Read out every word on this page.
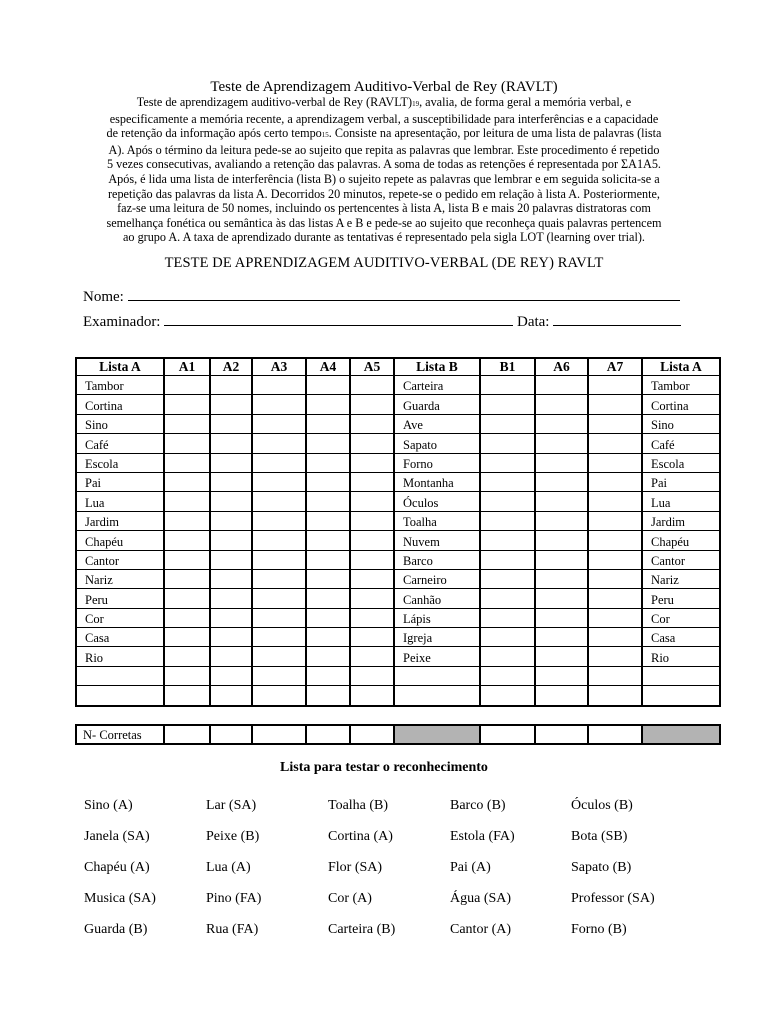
Teste de Aprendizagem Auditivo-Verbal de Rey (RAVLT)
Teste de aprendizagem auditivo-verbal de Rey (RAVLT)19, avalia, de forma geral a memória verbal, e
especificamente a memória recente, a aprendizagem verbal, a susceptibilidade para interferências e a capacidade
de retenção da informação após certo tempo15. Consiste na apresentação, por leitura de uma lista de palavras (lista
A). Após o término da leitura pede-se ao sujeito que repita as palavras que lembrar. Este procedimento é repetido
5 vezes consecutivas, avaliando a retenção das palavras. A soma de todas as retenções é representada por ΣA1A5.
Após, é lida uma lista de interferência (lista B) o sujeito repete as palavras que lembrar e em seguida solicita-se a
repetição das palavras da lista A. Decorridos 20 minutos, repete-se o pedido em relação à lista A. Posteriormente,
faz-se uma leitura de 50 nomes, incluindo os pertencentes à lista A, lista B e mais 20 palavras distratoras com
semelhança fonética ou semântica às das listas A e B e pede-se ao sujeito que reconheça quais palavras pertencem
ao grupo A. A taxa de aprendizado durante as tentativas é representado pela sigla LOT (learning over trial).
TESTE DE APRENDIZAGEM AUDITIVO-VERBAL (DE REY) RAVLT
Nome:
Examinador:	Data:
Lista A	A1	A2	A3	A4	A5	Lista B	B1	A6	A7	Lista A
Tambor						Carteira				Tambor
Cortina						Guarda				Cortina
Sino						Ave				Sino
Café						Sapato				Café
Escola						Forno				Escola
Pai						Montanha				Pai
Lua						Óculos				Lua
Jardim						Toalha				Jardim
Chapéu						Nuvem				Chapéu
Cantor						Barco				Cantor
Nariz						Carneiro				Nariz
Peru						Canhão				Peru
Cor						Lápis				Cor
Casa						Igreja				Casa
Rio						Peixe				Rio

N- Corretas										
Lista para testar o reconhecimento
Sino (A)	Lar (SA)	Toalha (B)	Barco (B)	Óculos (B)
Janela (SA)	Peixe (B)	Cortina (A)	Estola (FA)	Bota (SB)
Chapéu (A)	Lua (A)	Flor (SA)	Pai (A)	Sapato (B)
Musica (SA)	Pino (FA)	Cor (A)	Água (SA)	Professor (SA)
Guarda (B)	Rua (FA)	Carteira (B)	Cantor (A)	Forno (B)
